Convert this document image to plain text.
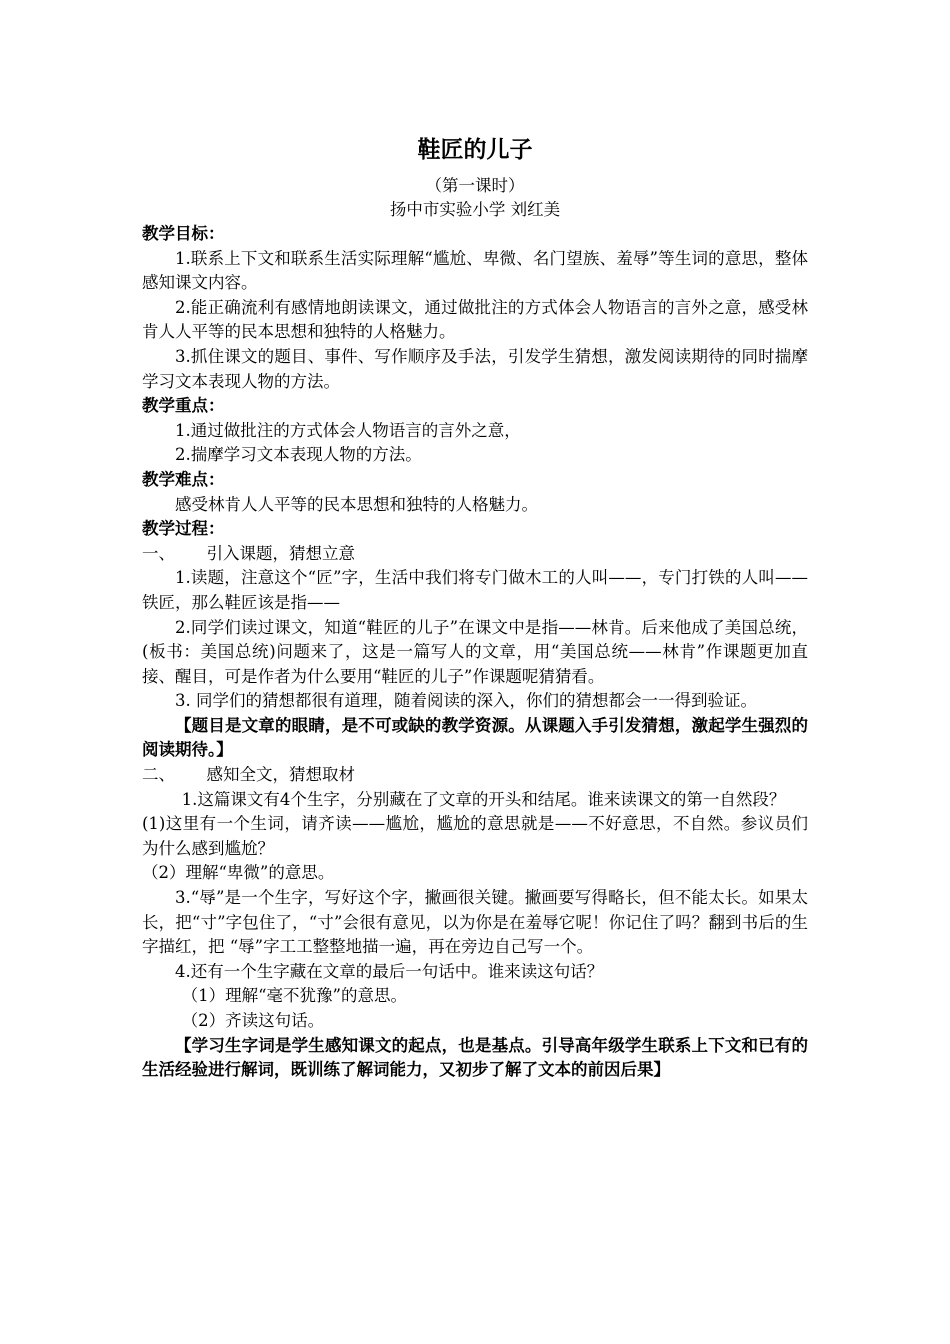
鞋匠的儿子
（第一课时）
扬中市实验小学 刘红美
教学目标：
1.联系上下文和联系生活实际理解“尴尬、卑微、名门望族、羞辱”等生词的意思，整体感知课文内容。
2.能正确流利有感情地朗读课文，通过做批注的方式体会人物语言的言外之意，感受林肯人人平等的民本思想和独特的人格魅力。
3.抓住课文的题目、事件、写作顺序及手法，引发学生猜想，激发阅读期待的同时揣摩学习文本表现人物的方法。
教学重点：
1.通过做批注的方式体会人物语言的言外之意，
2.揣摩学习文本表现人物的方法。
教学难点：
感受林肯人人平等的民本思想和独特的人格魅力。
教学过程：
一、      引入课题，猜想立意
1.读题，注意这个“匠”字，生活中我们将专门做木工的人叫——，专门打铁的人叫——铁匠，那么鞋匠该是指——
2.同学们读过课文，知道“鞋匠的儿子”在课文中是指——林肯。后来他成了美国总统，(板书：美国总统)问题来了，这是一篇写人的文章，用“美国总统——林肯”作课题更加直接、醒目，可是作者为什么要用“鞋匠的儿子”作课题呢猜猜看。
3. 同学们的猜想都很有道理，随着阅读的深入，你们的猜想都会一一得到验证。
【题目是文章的眼睛，是不可或缺的教学资源。从课题入手引发猜想，激起学生强烈的阅读期待。】
二、      感知全文，猜想取材
1.这篇课文有4个生字，分别藏在了文章的开头和结尾。谁来读课文的第一自然段？
(1)这里有一个生词，请齐读——尴尬，尴尬的意思就是——不好意思，不自然。参议员们为什么感到尴尬？
（2）理解“卑微”的意思。
3.“辱”是一个生字，写好这个字，撇画很关键。撇画要写得略长，但不能太长。如果太长，把“寸”字包住了，“寸”会很有意见，以为你是在羞辱它呢！你记住了吗？翻到书后的生字描红，把 “辱”字工工整整地描一遍，再在旁边自己写一个。
4.还有一个生字藏在文章的最后一句话中。谁来读这句话？
（1）理解“毫不犹豫”的意思。
（2）齐读这句话。
【学习生字词是学生感知课文的起点，也是基点。引导高年级学生联系上下文和已有的生活经验进行解词，既训练了解词能力，又初步了解了文本的前因后果】
